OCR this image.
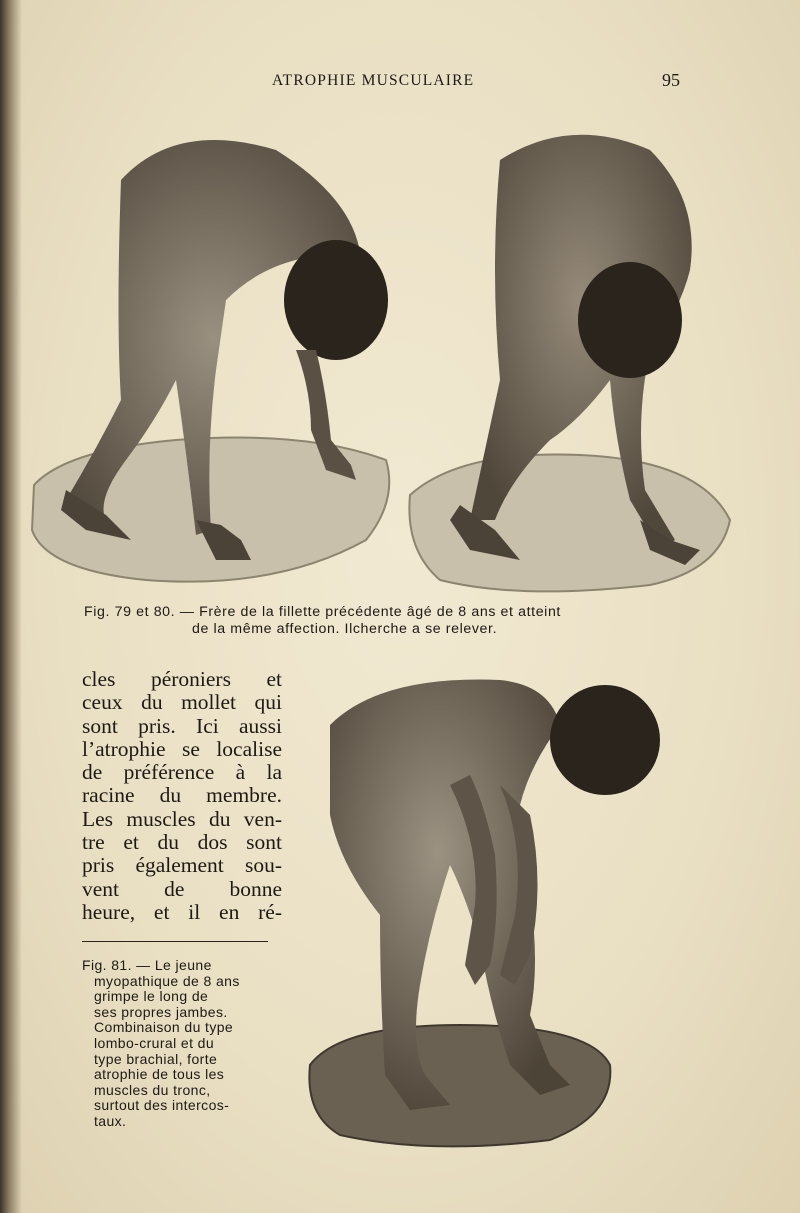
ATROPHIE MUSCULAIRE	95
Fig. 79 et 80. — Frère de la fillette précédente âgé de 8 ans et atteint
de la même affection. Ilcherche a se relever.
cles péroniers et
ceux du mollet qui
sont pris. Ici aussi
l’atrophie se localise
de préférence à la
racine du membre.
Les muscles du ven-
tre et du dos sont
pris également sou-
vent de bonne
heure, et il en ré-
Fig. 81. — Le jeune
myopathique de 8 ans
grimpe le long de
ses propres jambes.
Combinaison du type
lombo-crural et du
type brachial, forte
atrophie de tous les
muscles du tronc,
surtout des intercos-
taux.
